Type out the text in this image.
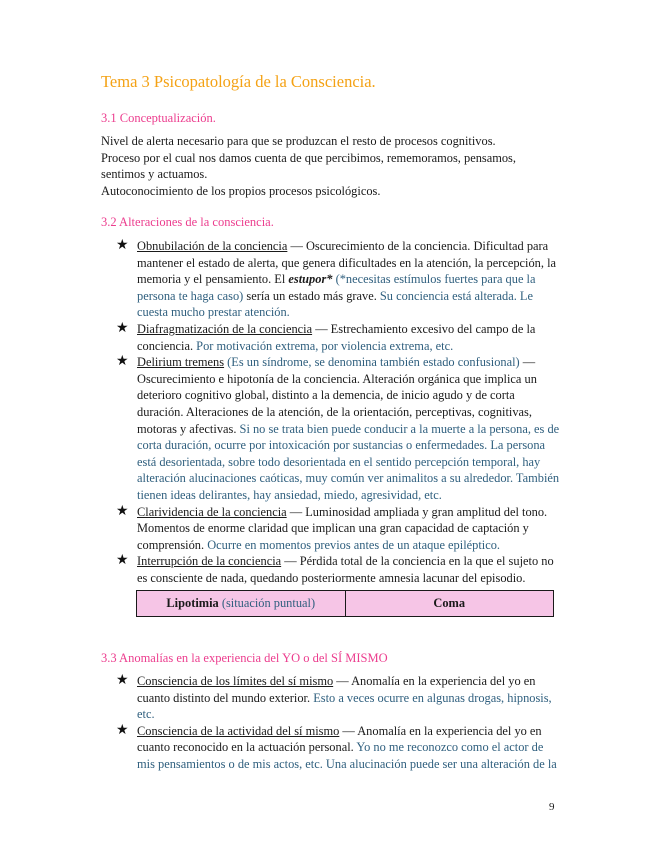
Tema 3 Psicopatología de la Consciencia.
3.1 Conceptualización.

Nivel de alerta necesario para que se produzcan el resto de procesos cognitivos.

Proceso por el cual nos damos cuenta de que percibimos, rememoramos, pensamos, sentimos y actuamos.

Autoconocimiento de los propios procesos psicológicos.

3.2 Alteraciones de la consciencia.
★ Obnubilación de la conciencia — Oscurecimiento de la conciencia. Dificultad para mantener el estado de alerta, que genera dificultades en la atención, la percepción, la memoria y el pensamiento. El estupor* (*necesitas estímulos fuertes para que la persona te haga caso) sería un estado más grave. Su conciencia está alterada. Le cuesta mucho prestar atención.
★ Diafragmatización de la conciencia — Estrechamiento excesivo del campo de la conciencia. Por motivación extrema, por violencia extrema, etc.
★ Delirium tremens (Es un síndrome, se denomina también estado confusional) — Oscurecimiento e hipotonía de la conciencia. Alteración orgánica que implica un deterioro cognitivo global, distinto a la demencia, de inicio agudo y de corta duración. Alteraciones de la atención, de la orientación, perceptivas, cognitivas, motoras y afectivas. Si no se trata bien puede conducir a la muerte a la persona, es de corta duración, ocurre por intoxicación por sustancias o enfermedades. La persona está desorientada, sobre todo desorientada en el sentido percepción temporal, hay alteración alucinaciones caóticas, muy común ver animalitos a su alrededor. También tienen ideas delirantes, hay ansiedad, miedo, agresividad, etc.
★ Clarividencia de la conciencia — Luminosidad ampliada y gran amplitud del tono. Momentos de enorme claridad que implican una gran capacidad de captación y comprensión. Ocurre en momentos previos antes de un ataque epiléptico.
★ Interrupción de la conciencia — Pérdida total de la conciencia en la que el sujeto no es consciente de nada, quedando posteriormente amnesia lacunar del episodio.
Lipotimia (situación puntual)	Coma
3.3 Anomalías en la experiencia del YO o del SÍ MISMO
★ Consciencia de los límites del sí mismo — Anomalía en la experiencia del yo en cuanto distinto del mundo exterior. Esto a veces ocurre en algunas drogas, hipnosis, etc.
★ Consciencia de la actividad del sí mismo — Anomalía en la experiencia del yo en cuanto reconocido en la actuación personal. Yo no me reconozco como el actor de mis pensamientos o de mis actos, etc. Una alucinación puede ser una alteración de la
9
